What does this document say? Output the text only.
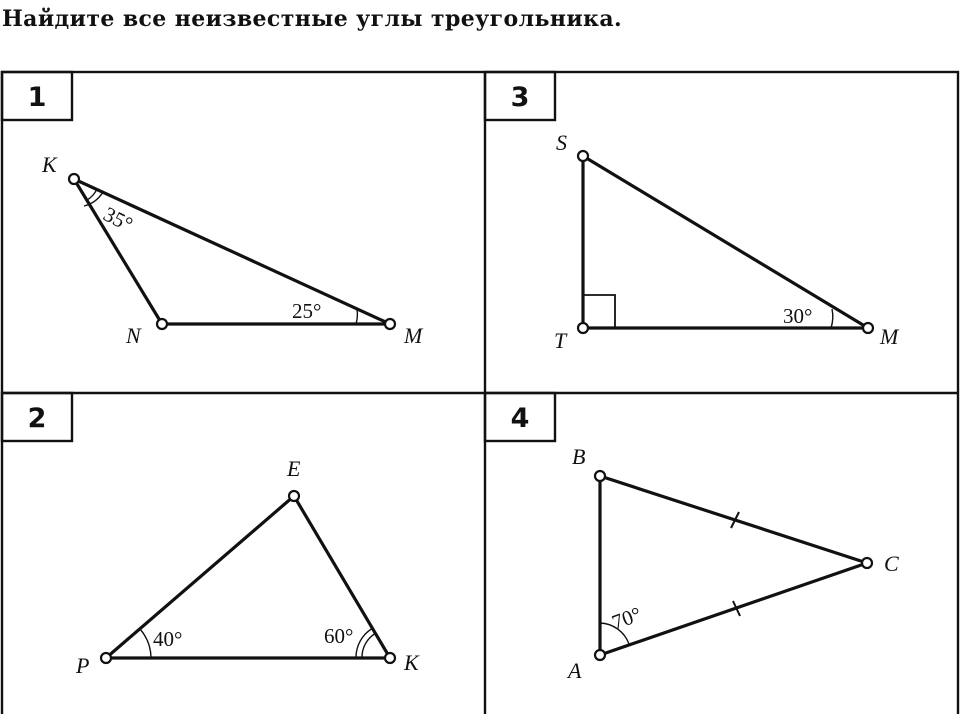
Найдите все неизвестные углы треугольника.
1	3
2	4
35°
25°
K
N	M
30°
S
T	M
40°	60°
E
P	K
70°
B
C
A
